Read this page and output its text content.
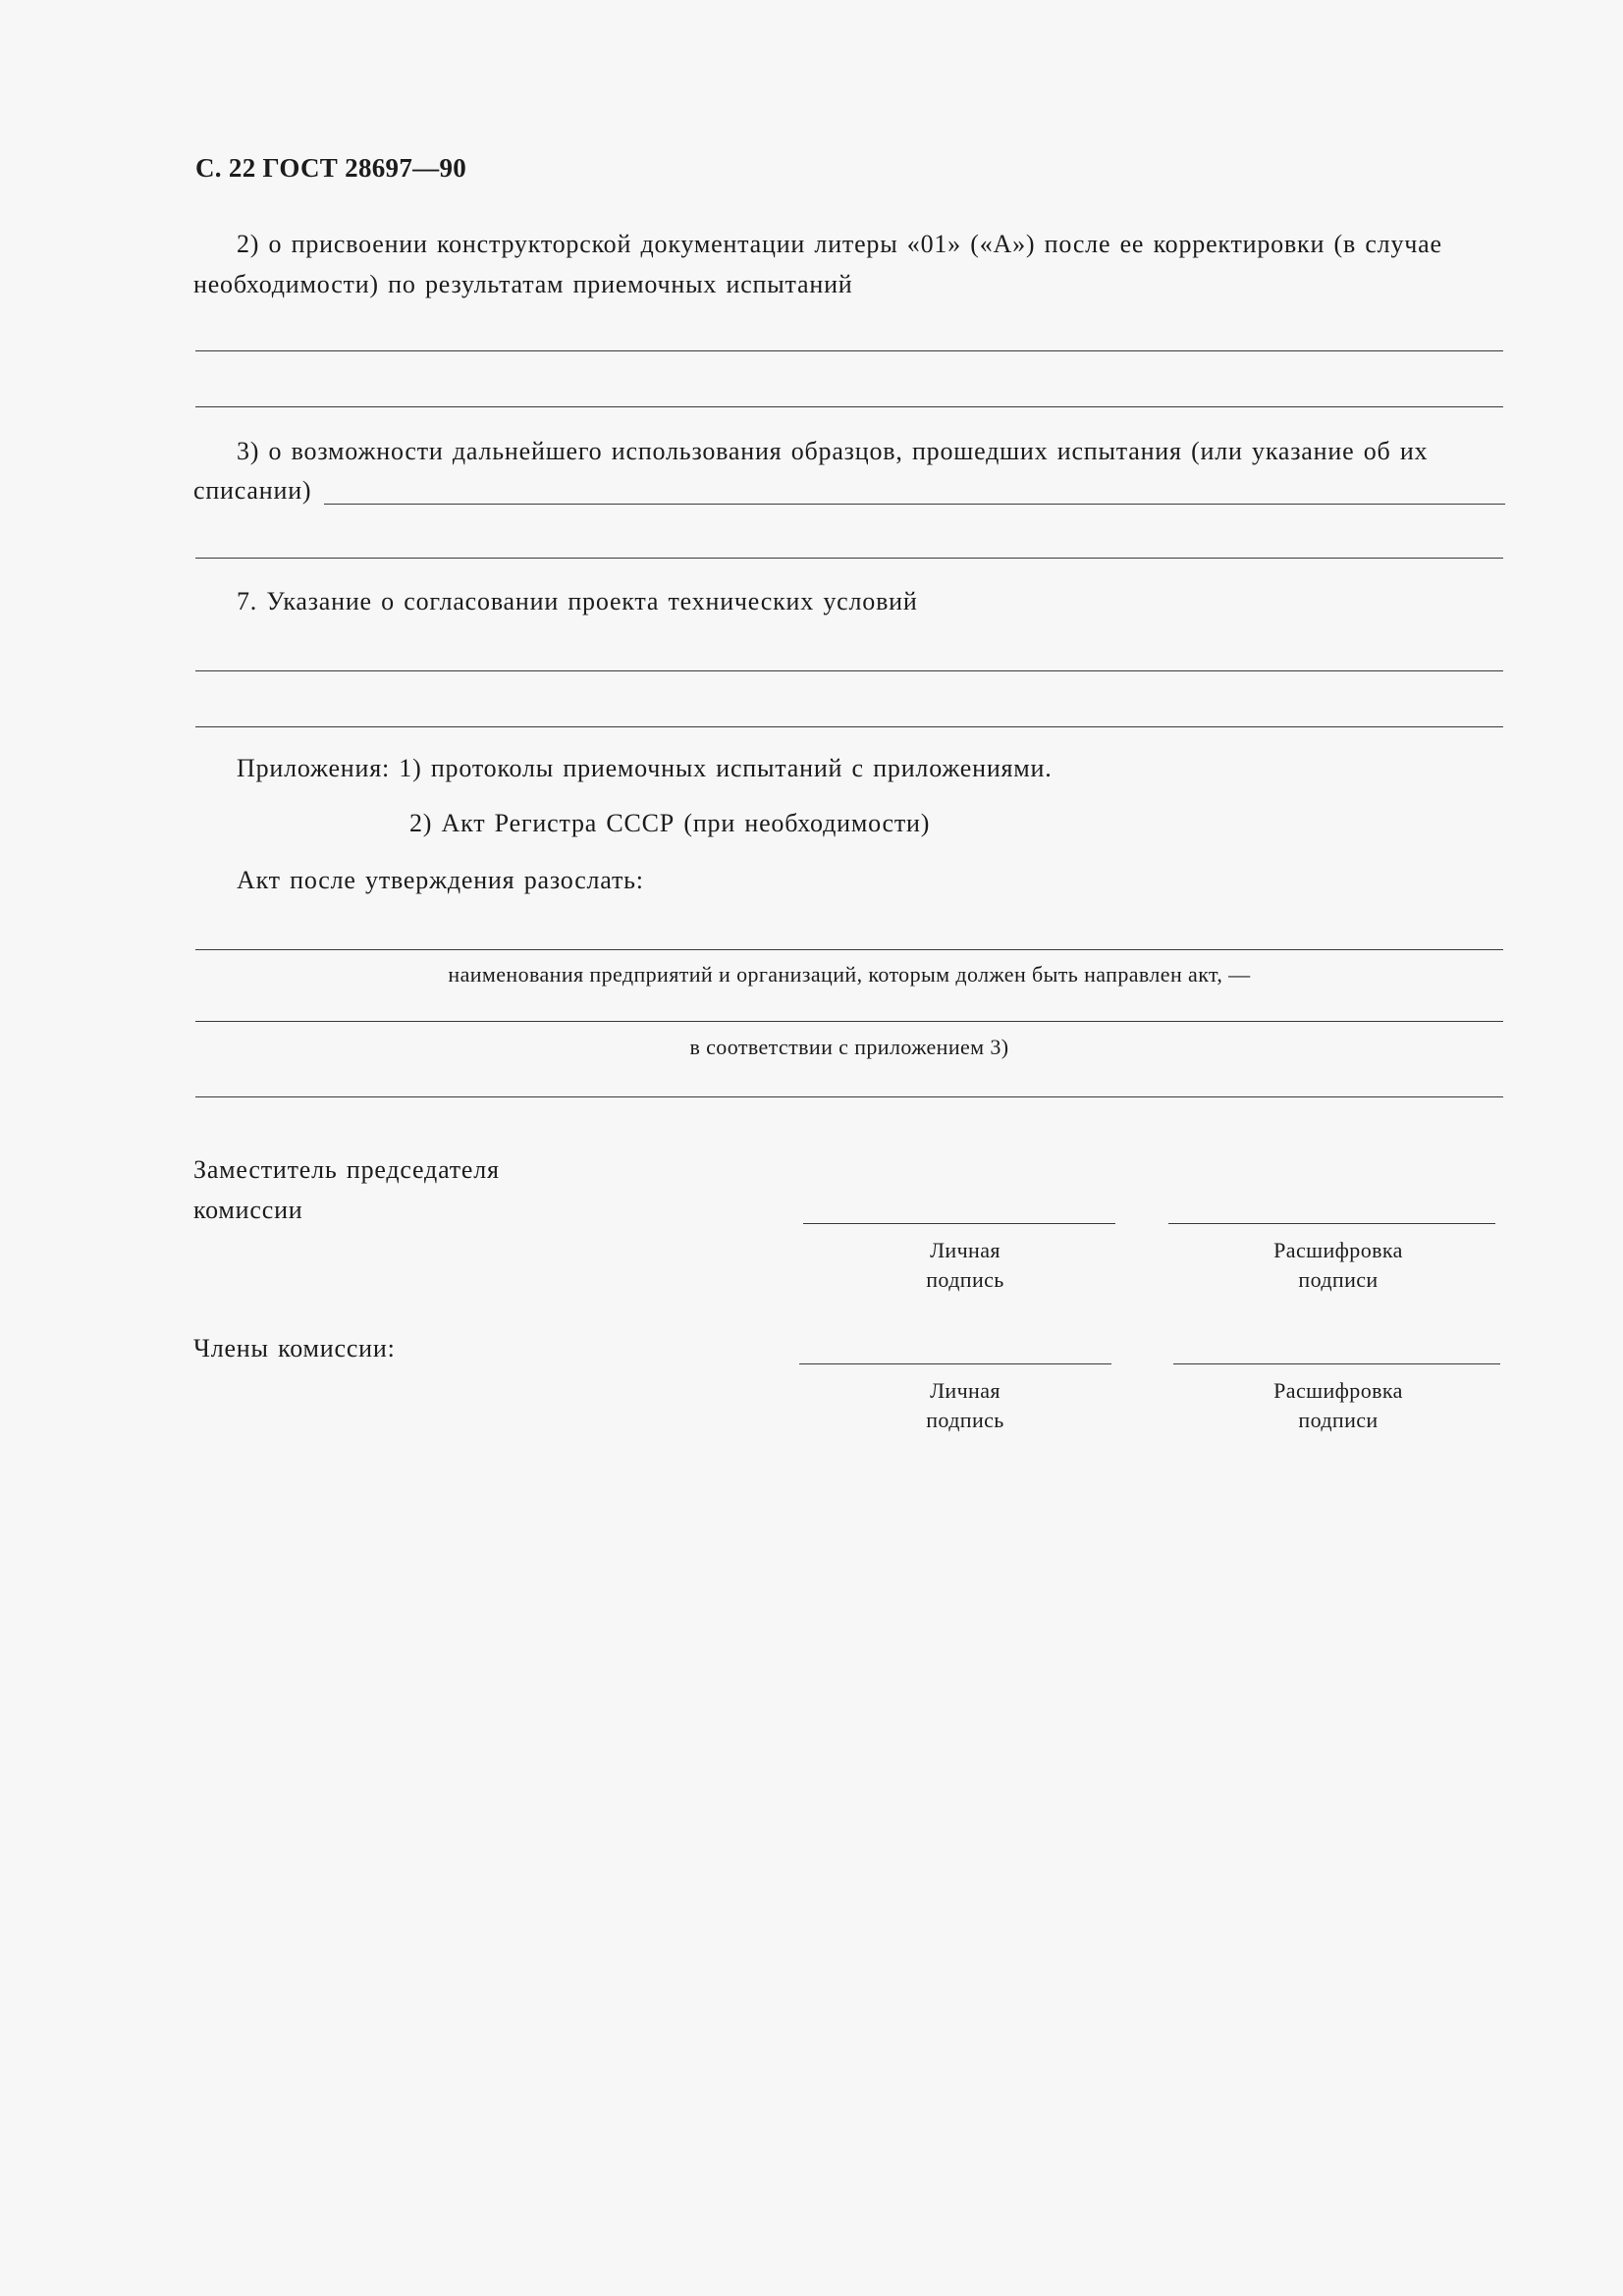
С. 22 ГОСТ 28697—90
2) о присвоении конструкторской документации литеры «01» («А») после ее корректировки (в случае
необходимости) по результатам приемочных испытаний
3) о возможности дальнейшего использования образцов, прошедших испытания (или указание об их
списании)
7. Указание о согласовании проекта технических условий
Приложения: 1) протоколы приемочных испытаний с приложениями.
2) Акт Регистра СССР (при необходимости)
Акт после утверждения разослать:
наименования предприятий и организаций, которым должен быть направлен акт, —
в соответствии с приложением 3)
Заместитель председателя
комиссии
Личная
подпись
Расшифровка
подписи
Члены комиссии:
Личная
подпись
Расшифровка
подписи
